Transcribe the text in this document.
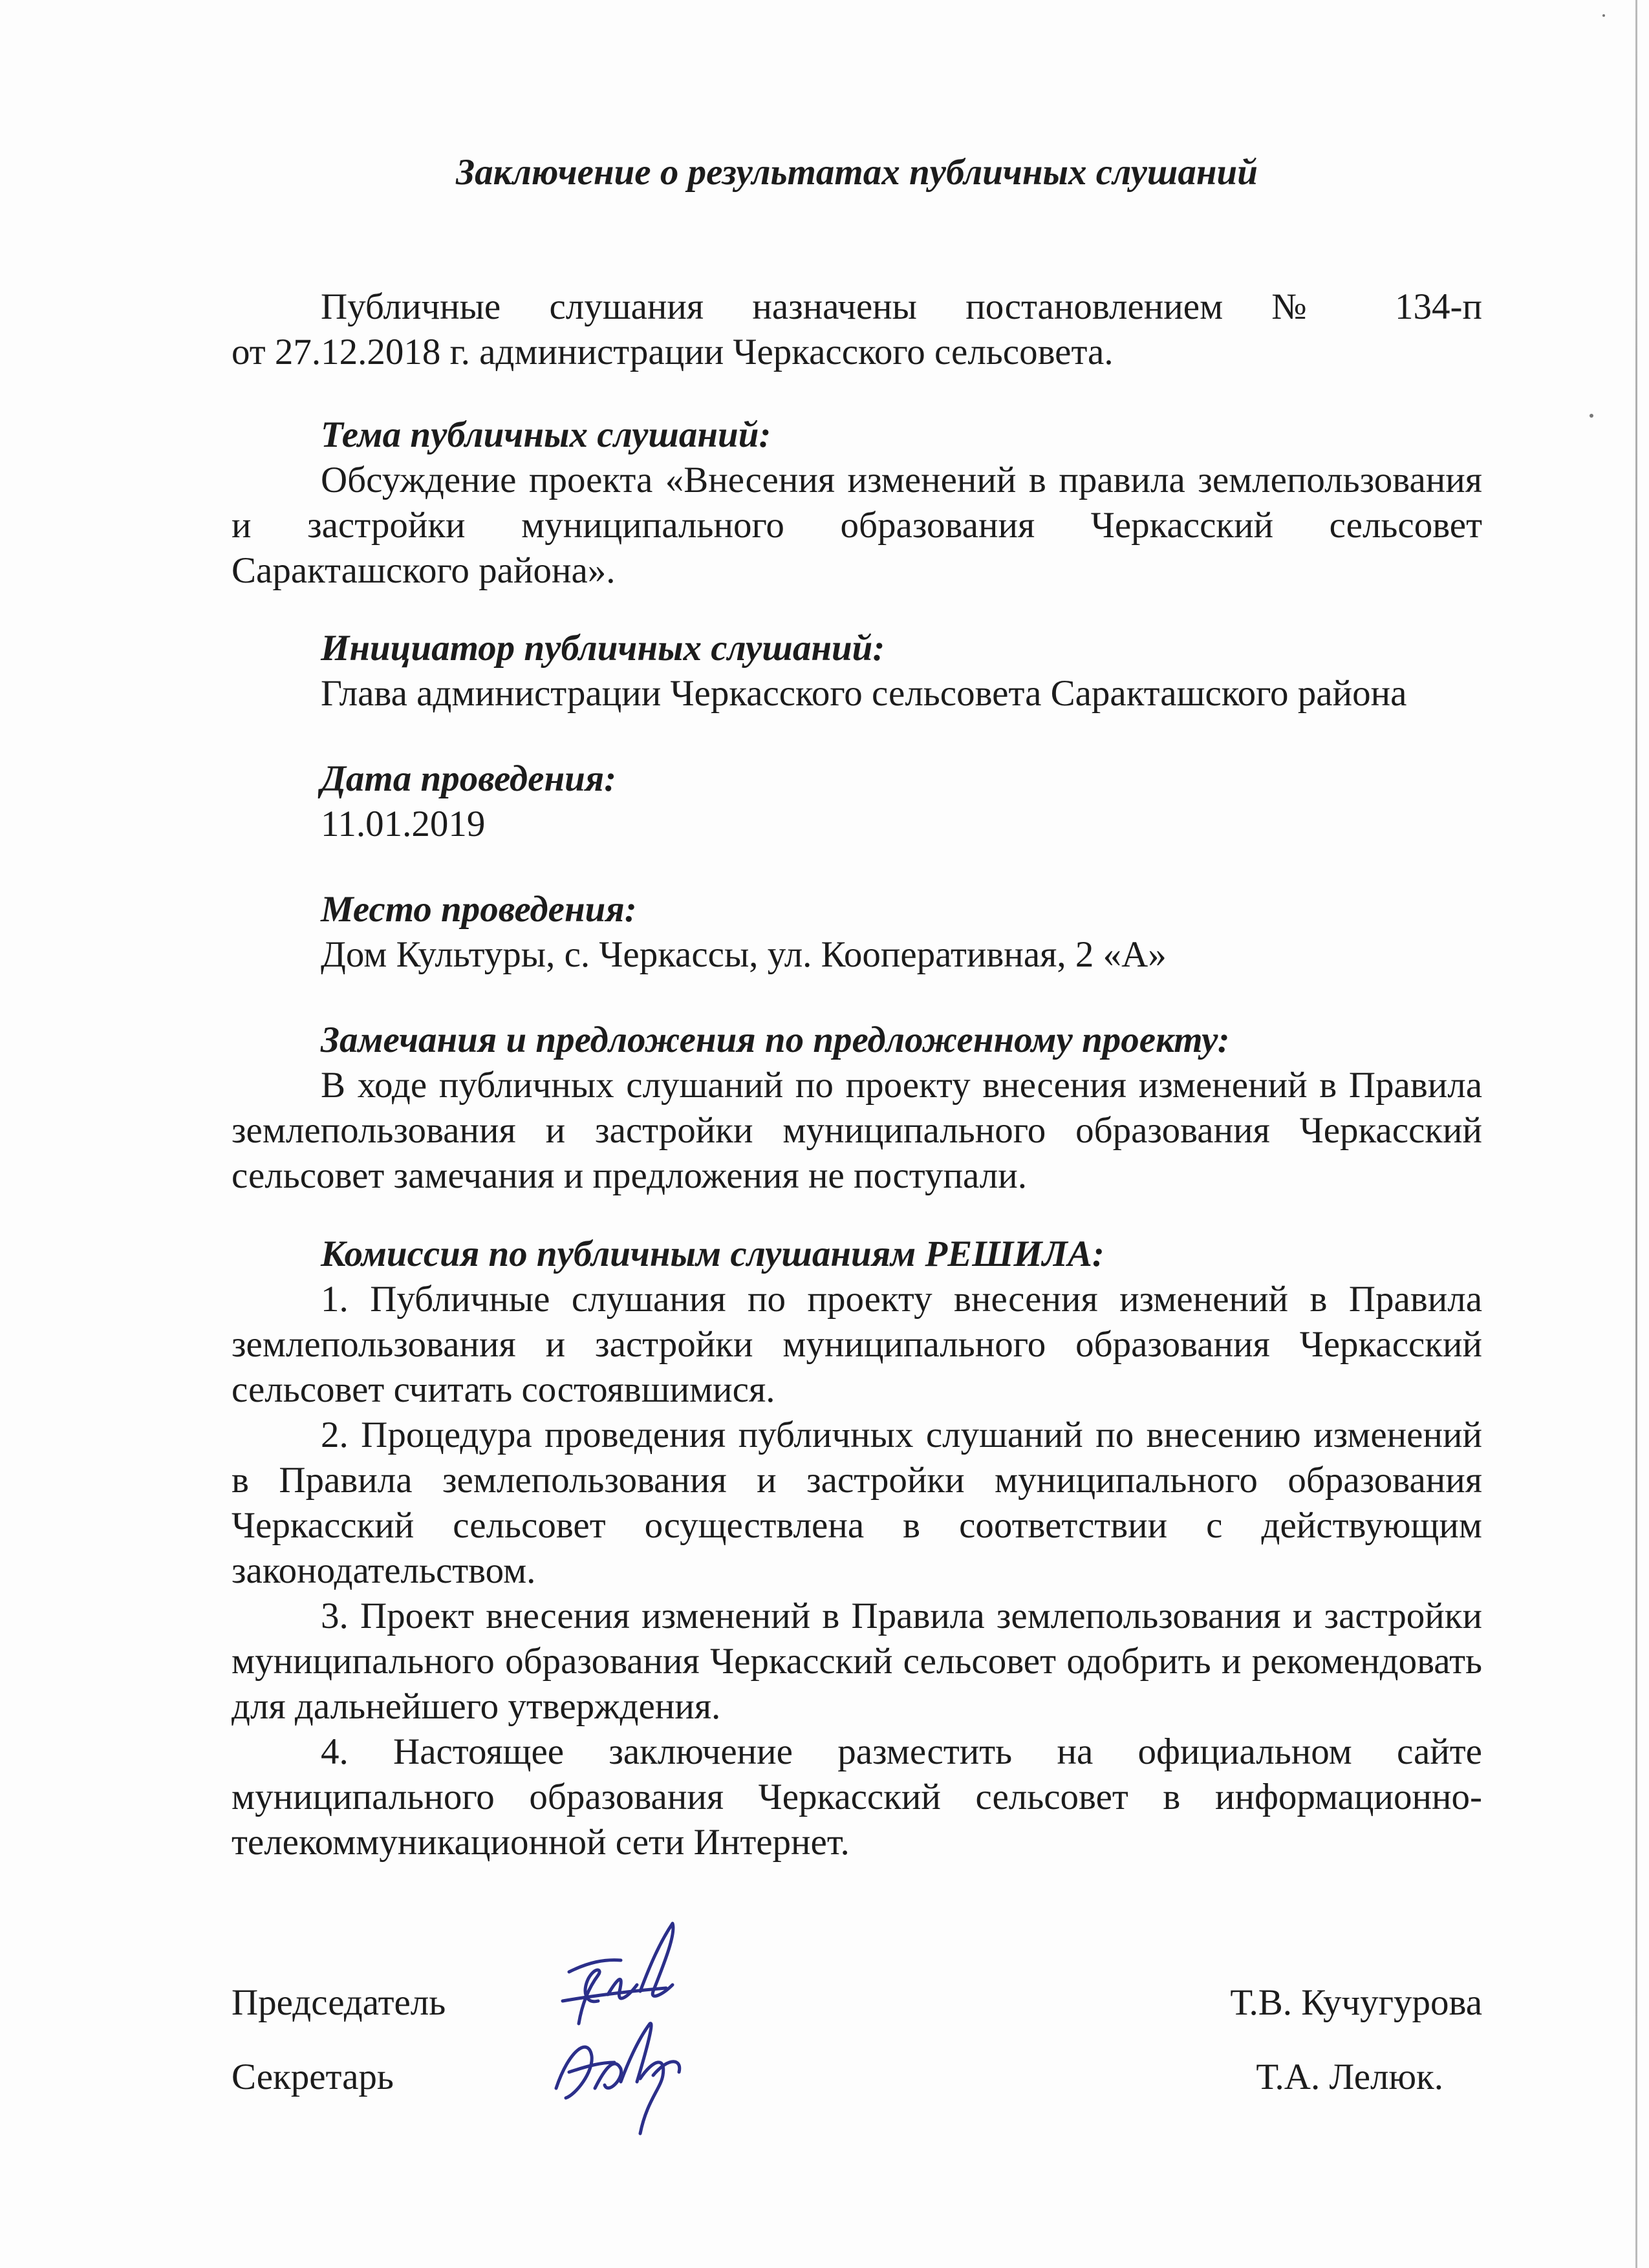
Заключение о результатах публичных слушаний

Публичные слушания назначены постановлением № 134-п

от 27.12.2018 г. администрации Черкасского сельсовета.

Тема публичных слушаний:

Обсуждение проекта «Внесения изменений в правила землепользования и застройки муниципального образования Черкасский сельсовет Саракташского района».

Инициатор публичных слушаний:

Глава администрации Черкасского сельсовета Саракташского района

Дата проведения:

11.01.2019

Место проведения:

Дом Культуры, с. Черкассы, ул. Кооперативная, 2 «А»

Замечания и предложения по предложенному проекту:

В ходе публичных слушаний по проекту внесения изменений в Правила землепользования и застройки муниципального образования Черкасский сельсовет замечания и предложения не поступали.

Комиссия по публичным слушаниям РЕШИЛА:

1. Публичные слушания по проекту внесения изменений в Правила землепользования и застройки муниципального образования Черкасский сельсовет считать состоявшимися.

2. Процедура проведения публичных слушаний по внесению изменений в Правила землепользования и застройки муниципального образования Черкасский сельсовет осуществлена в соответствии с действующим законодательством.

3. Проект внесения изменений в Правила землепользования и застройки муниципального образования Черкасский сельсовет одобрить и рекомендовать для дальнейшего утверждения.

4. Настоящее заключение разместить на официальном сайте муниципального образования Черкасский сельсовет в информационно-телекоммуникационной сети Интернет.

Председатель	Т.В. Кучугурова
Секретарь	Т.А. Лелюк.
